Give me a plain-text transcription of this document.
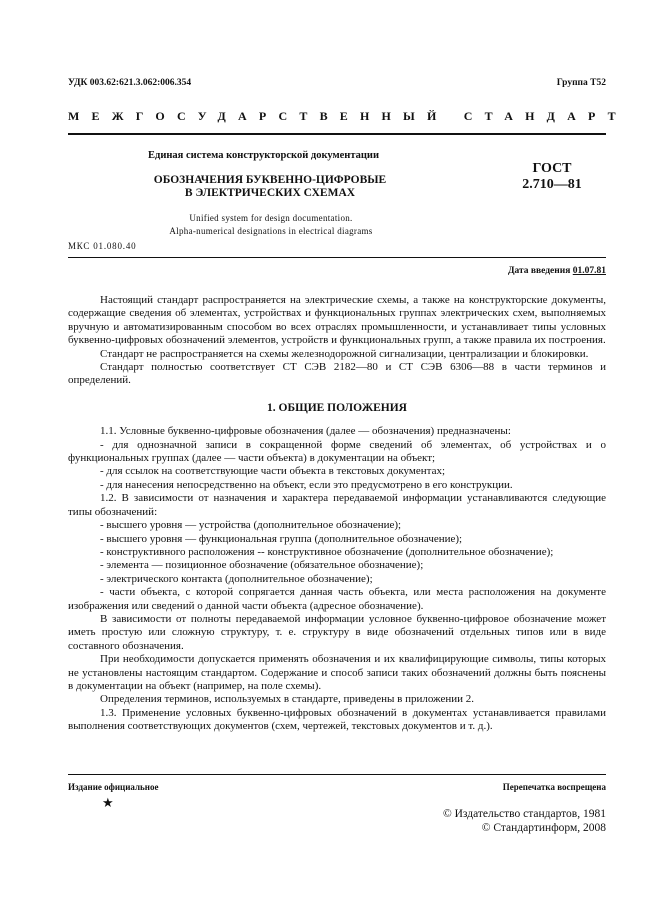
УДК 003.62:621.3.062:006.354	Группа Т52
МЕЖГОСУДАРСТВЕННЫЙ СТАНДАРТ
Единая система конструкторской документации
ОБОЗНАЧЕНИЯ БУКВЕННО-ЦИФРОВЫЕ
В ЭЛЕКТРИЧЕСКИХ СХЕМАХ
ГОСТ
2.710—81
Unified system for design documentation.
Alpha-numerical designations in electrical diagrams
МКС 01.080.40
Дата введения 01.07.81

Настоящий стандарт распространяется на электрические схемы, а также на конструкторские документы, содержащие сведения об элементах, устройствах и функциональных группах электрических схем, выполняемых вручную и автоматизированным способом во всех отраслях промышленности, и устанавливает типы условных буквенно-цифровых обозначений элементов, устройств и функциональных групп, а также правила их построения.

Стандарт не распространяется на схемы железнодорожной сигнализации, централизации и блокировки.

Стандарт полностью соответствует СТ СЭВ 2182—80 и СТ СЭВ 6306—88 в части терминов и определений.

1. ОБЩИЕ ПОЛОЖЕНИЯ

1.1. Условные буквенно-цифровые обозначения (далее — обозначения) предназначены:

- для однозначной записи в сокращенной форме сведений об элементах, об устройствах и о функциональных группах (далее — части объекта) в документации на объект;

- для ссылок на соответствующие части объекта в текстовых документах;

- для нанесения непосредственно на объект, если это предусмотрено в его конструкции.

1.2. В зависимости от назначения и характера передаваемой информации устанавливаются следующие типы обозначений:

- высшего уровня — устройства (дополнительное обозначение);

- высшего уровня — функциональная группа (дополнительное обозначение);

- конструктивного расположения -- конструктивное обозначение (дополнительное обозначение);

- элемента — позиционное обозначение (обязательное обозначение);

- электрического контакта (дополнительное обозначение);

- части объекта, с которой сопрягается данная часть объекта, или места расположения на документе изображения или сведений о данной части объекта (адресное обозначение).

В зависимости от полноты передаваемой информации условное буквенно-цифровое обозначение может иметь простую или сложную структуру, т. е. структуру в виде обозначений отдельных типов или в виде составного обозначения.

При необходимости допускается применять обозначения и их квалифицирующие символы, типы которых не установлены настоящим стандартом. Содержание и способ записи таких обозначений должны быть пояснены в документации на объект (например, на поле схемы).

Определения терминов, используемых в стандарте, приведены в приложении 2.

1.3. Применение условных буквенно-цифровых обозначений в документах устанавливается правилами выполнения соответствующих документов (схем, чертежей, текстовых документов и т. д.).

Издание официальное
★
Перепечатка воспрещена
© Издательство стандартов, 1981
© Стандартинформ, 2008
